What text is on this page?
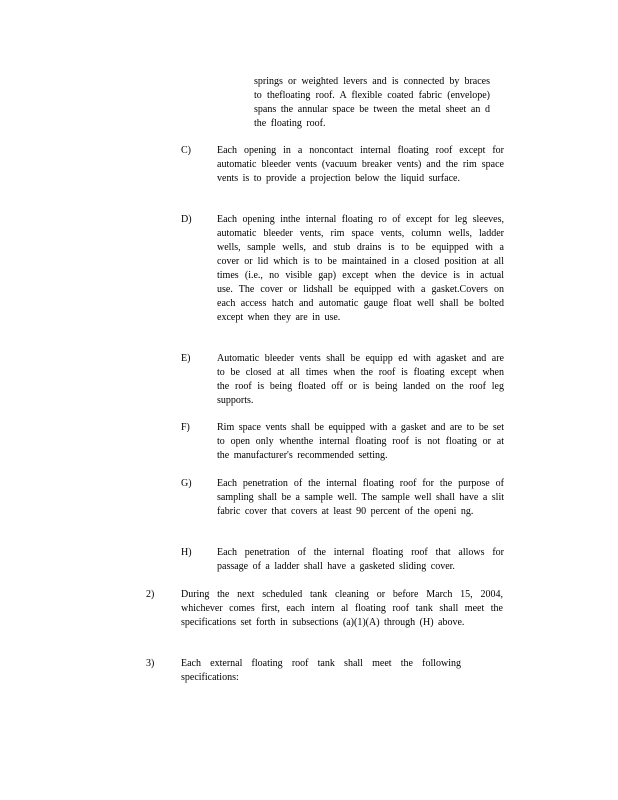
springs or weighted levers and is connected by braces to thefloating roof. A flexible coated fabric (envelope) spans the annular space be tween the metal sheet an d the floating roof.
C)	Each opening in a noncontact internal floating roof except for automatic bleeder vents (vacuum breaker vents) and the rim space vents is to provide a projection below the liquid surface.
D)	Each opening inthe internal floating ro of except for leg sleeves, automatic bleeder vents, rim space vents, column wells, ladder wells, sample wells, and stub drains is to be equipped with a cover or lid which is to be maintained in a closed position at all times (i.e., no visible gap) except when the device is in actual use. The cover or lidshall be equipped with a gasket.Covers on each access hatch and automatic gauge float well shall be bolted except when they are in use.
E)	Automatic bleeder vents shall be equipp ed with agasket and are to be closed at all times when the roof is floating except when the roof is being floated off or is being landed on the roof leg supports.
F)	Rim space vents shall be equipped with a gasket and are to be set to open only whenthe internal floating roof is not floating or at the manufacturer's recommended setting.
G)	Each penetration of the internal floating roof for the purpose of sampling shall be a sample well. The sample well shall have a slit fabric cover that covers at least 90 percent of the openi ng.
H)	Each penetration of the internal floating roof that allows for passage of a ladder shall have a gasketed sliding cover.
2)	During the next scheduled tank cleaning or before March 15, 2004, whichever comes first, each intern al floating roof tank shall meet the specifications set forth in subsections (a)(1)(A) through (H) above.
3)	Each external floating roof tank shall meet the following specifications:
